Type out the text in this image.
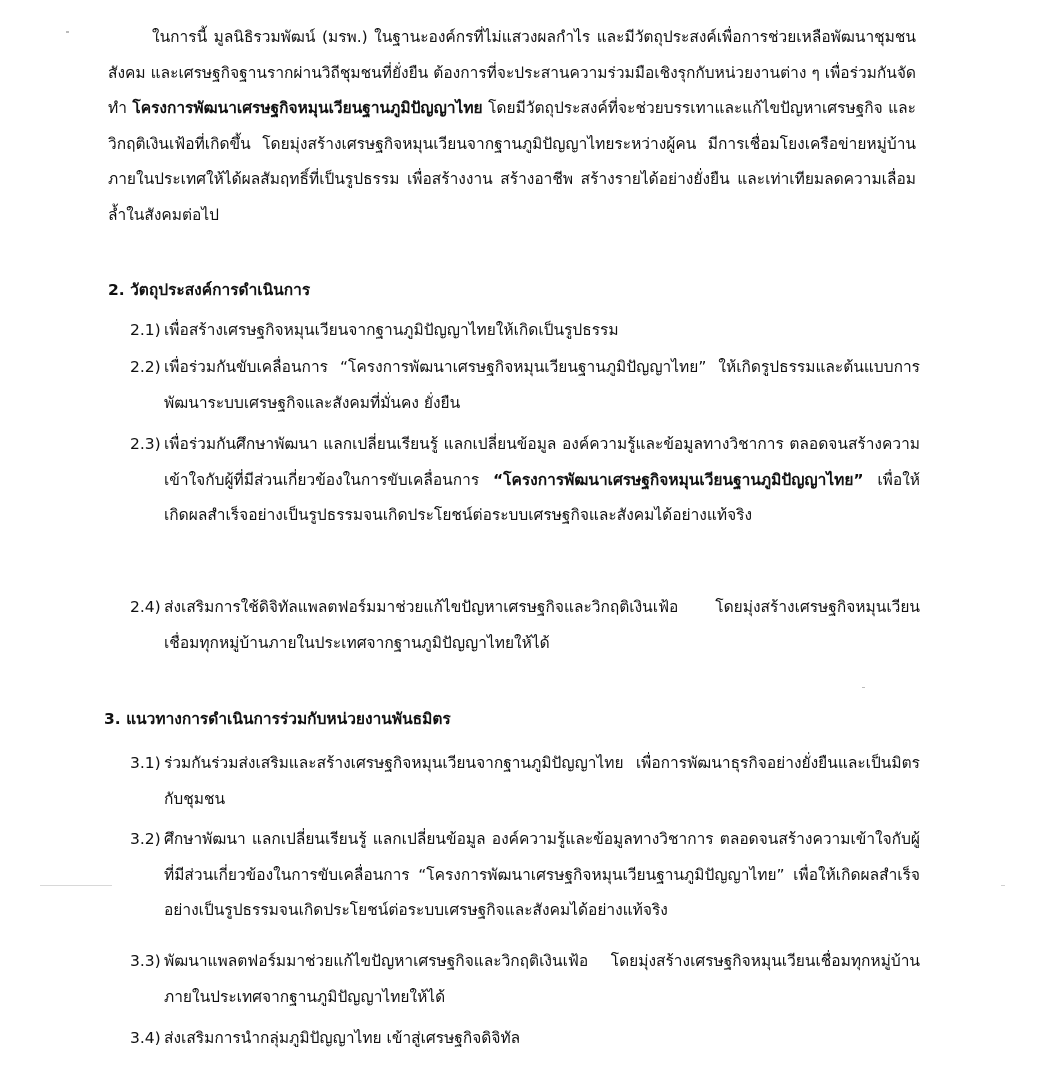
ในการนี้ มูลนิธิรวมพัฒน์ (มรพ.) ในฐานะองค์กรที่ไม่แสวงผลกำไร และมีวัตถุประสงค์เพื่อการช่วยเหลือพัฒนาชุมชน สังคม และเศรษฐกิจฐานรากผ่านวิถีชุมชนที่ยั่งยืน ต้องการที่จะประสานความร่วมมือเชิงรุกกับหน่วยงานต่าง ๆ เพื่อร่วมกันจัดทำ โครงการพัฒนาเศรษฐกิจหมุนเวียนฐานภูมิปัญญาไทย โดยมีวัตถุประสงค์ที่จะช่วยบรรเทาและแก้ไขปัญหาเศรษฐกิจ และวิกฤติเงินเฟ้อที่เกิดขึ้น โดยมุ่งสร้างเศรษฐกิจหมุนเวียนจากฐานภูมิปัญญาไทยระหว่างผู้คน มีการเชื่อมโยงเครือข่ายหมู่บ้านภายในประเทศให้ได้ผลสัมฤทธิ์ที่เป็นรูปธรรม เพื่อสร้างงาน สร้างอาชีพ สร้างรายได้อย่างยั่งยืน และเท่าเทียมลดความเลื่อมล้ำในสังคมต่อไป

2. วัตถุประสงค์การดำเนินการ
2.1) เพื่อสร้างเศรษฐกิจหมุนเวียนจากฐานภูมิปัญญาไทยให้เกิดเป็นรูปธรรม
2.2) เพื่อร่วมกันขับเคลื่อนการ “โครงการพัฒนาเศรษฐกิจหมุนเวียนฐานภูมิปัญญาไทย” ให้เกิดรูปธรรมและต้นแบบการพัฒนาระบบเศรษฐกิจและสังคมที่มั่นคง ยั่งยืน
2.3) เพื่อร่วมกันศึกษาพัฒนา แลกเปลี่ยนเรียนรู้ แลกเปลี่ยนข้อมูล องค์ความรู้และข้อมูลทางวิชาการ ตลอดจนสร้างความเข้าใจกับผู้ที่มีส่วนเกี่ยวข้องในการขับเคลื่อนการ “โครงการพัฒนาเศรษฐกิจหมุนเวียนฐานภูมิปัญญาไทย” เพื่อให้เกิดผลสำเร็จอย่างเป็นรูปธรรมจนเกิดประโยชน์ต่อระบบเศรษฐกิจและสังคมได้อย่างแท้จริง
2.4) ส่งเสริมการใช้ดิจิทัลแพลตฟอร์มมาช่วยแก้ไขปัญหาเศรษฐกิจและวิกฤติเงินเฟ้อ โดยมุ่งสร้างเศรษฐกิจหมุนเวียนเชื่อมทุกหมู่บ้านภายในประเทศจากฐานภูมิปัญญาไทยให้ได้
3. แนวทางการดำเนินการร่วมกับหน่วยงานพันธมิตร
3.1) ร่วมกันร่วมส่งเสริมและสร้างเศรษฐกิจหมุนเวียนจากฐานภูมิปัญญาไทย เพื่อการพัฒนาธุรกิจอย่างยั่งยืนและเป็นมิตรกับชุมชน
3.2) ศึกษาพัฒนา แลกเปลี่ยนเรียนรู้ แลกเปลี่ยนข้อมูล องค์ความรู้และข้อมูลทางวิชาการ ตลอดจนสร้างความเข้าใจกับผู้ที่มีส่วนเกี่ยวข้องในการขับเคลื่อนการ “โครงการพัฒนาเศรษฐกิจหมุนเวียนฐานภูมิปัญญาไทย” เพื่อให้เกิดผลสำเร็จอย่างเป็นรูปธรรมจนเกิดประโยชน์ต่อระบบเศรษฐกิจและสังคมได้อย่างแท้จริง
3.3) พัฒนาแพลตฟอร์มมาช่วยแก้ไขปัญหาเศรษฐกิจและวิกฤติเงินเฟ้อ โดยมุ่งสร้างเศรษฐกิจหมุนเวียนเชื่อมทุกหมู่บ้านภายในประเทศจากฐานภูมิปัญญาไทยให้ได้
3.4) ส่งเสริมการนำกลุ่มภูมิปัญญาไทย เข้าสู่เศรษฐกิจดิจิทัล
